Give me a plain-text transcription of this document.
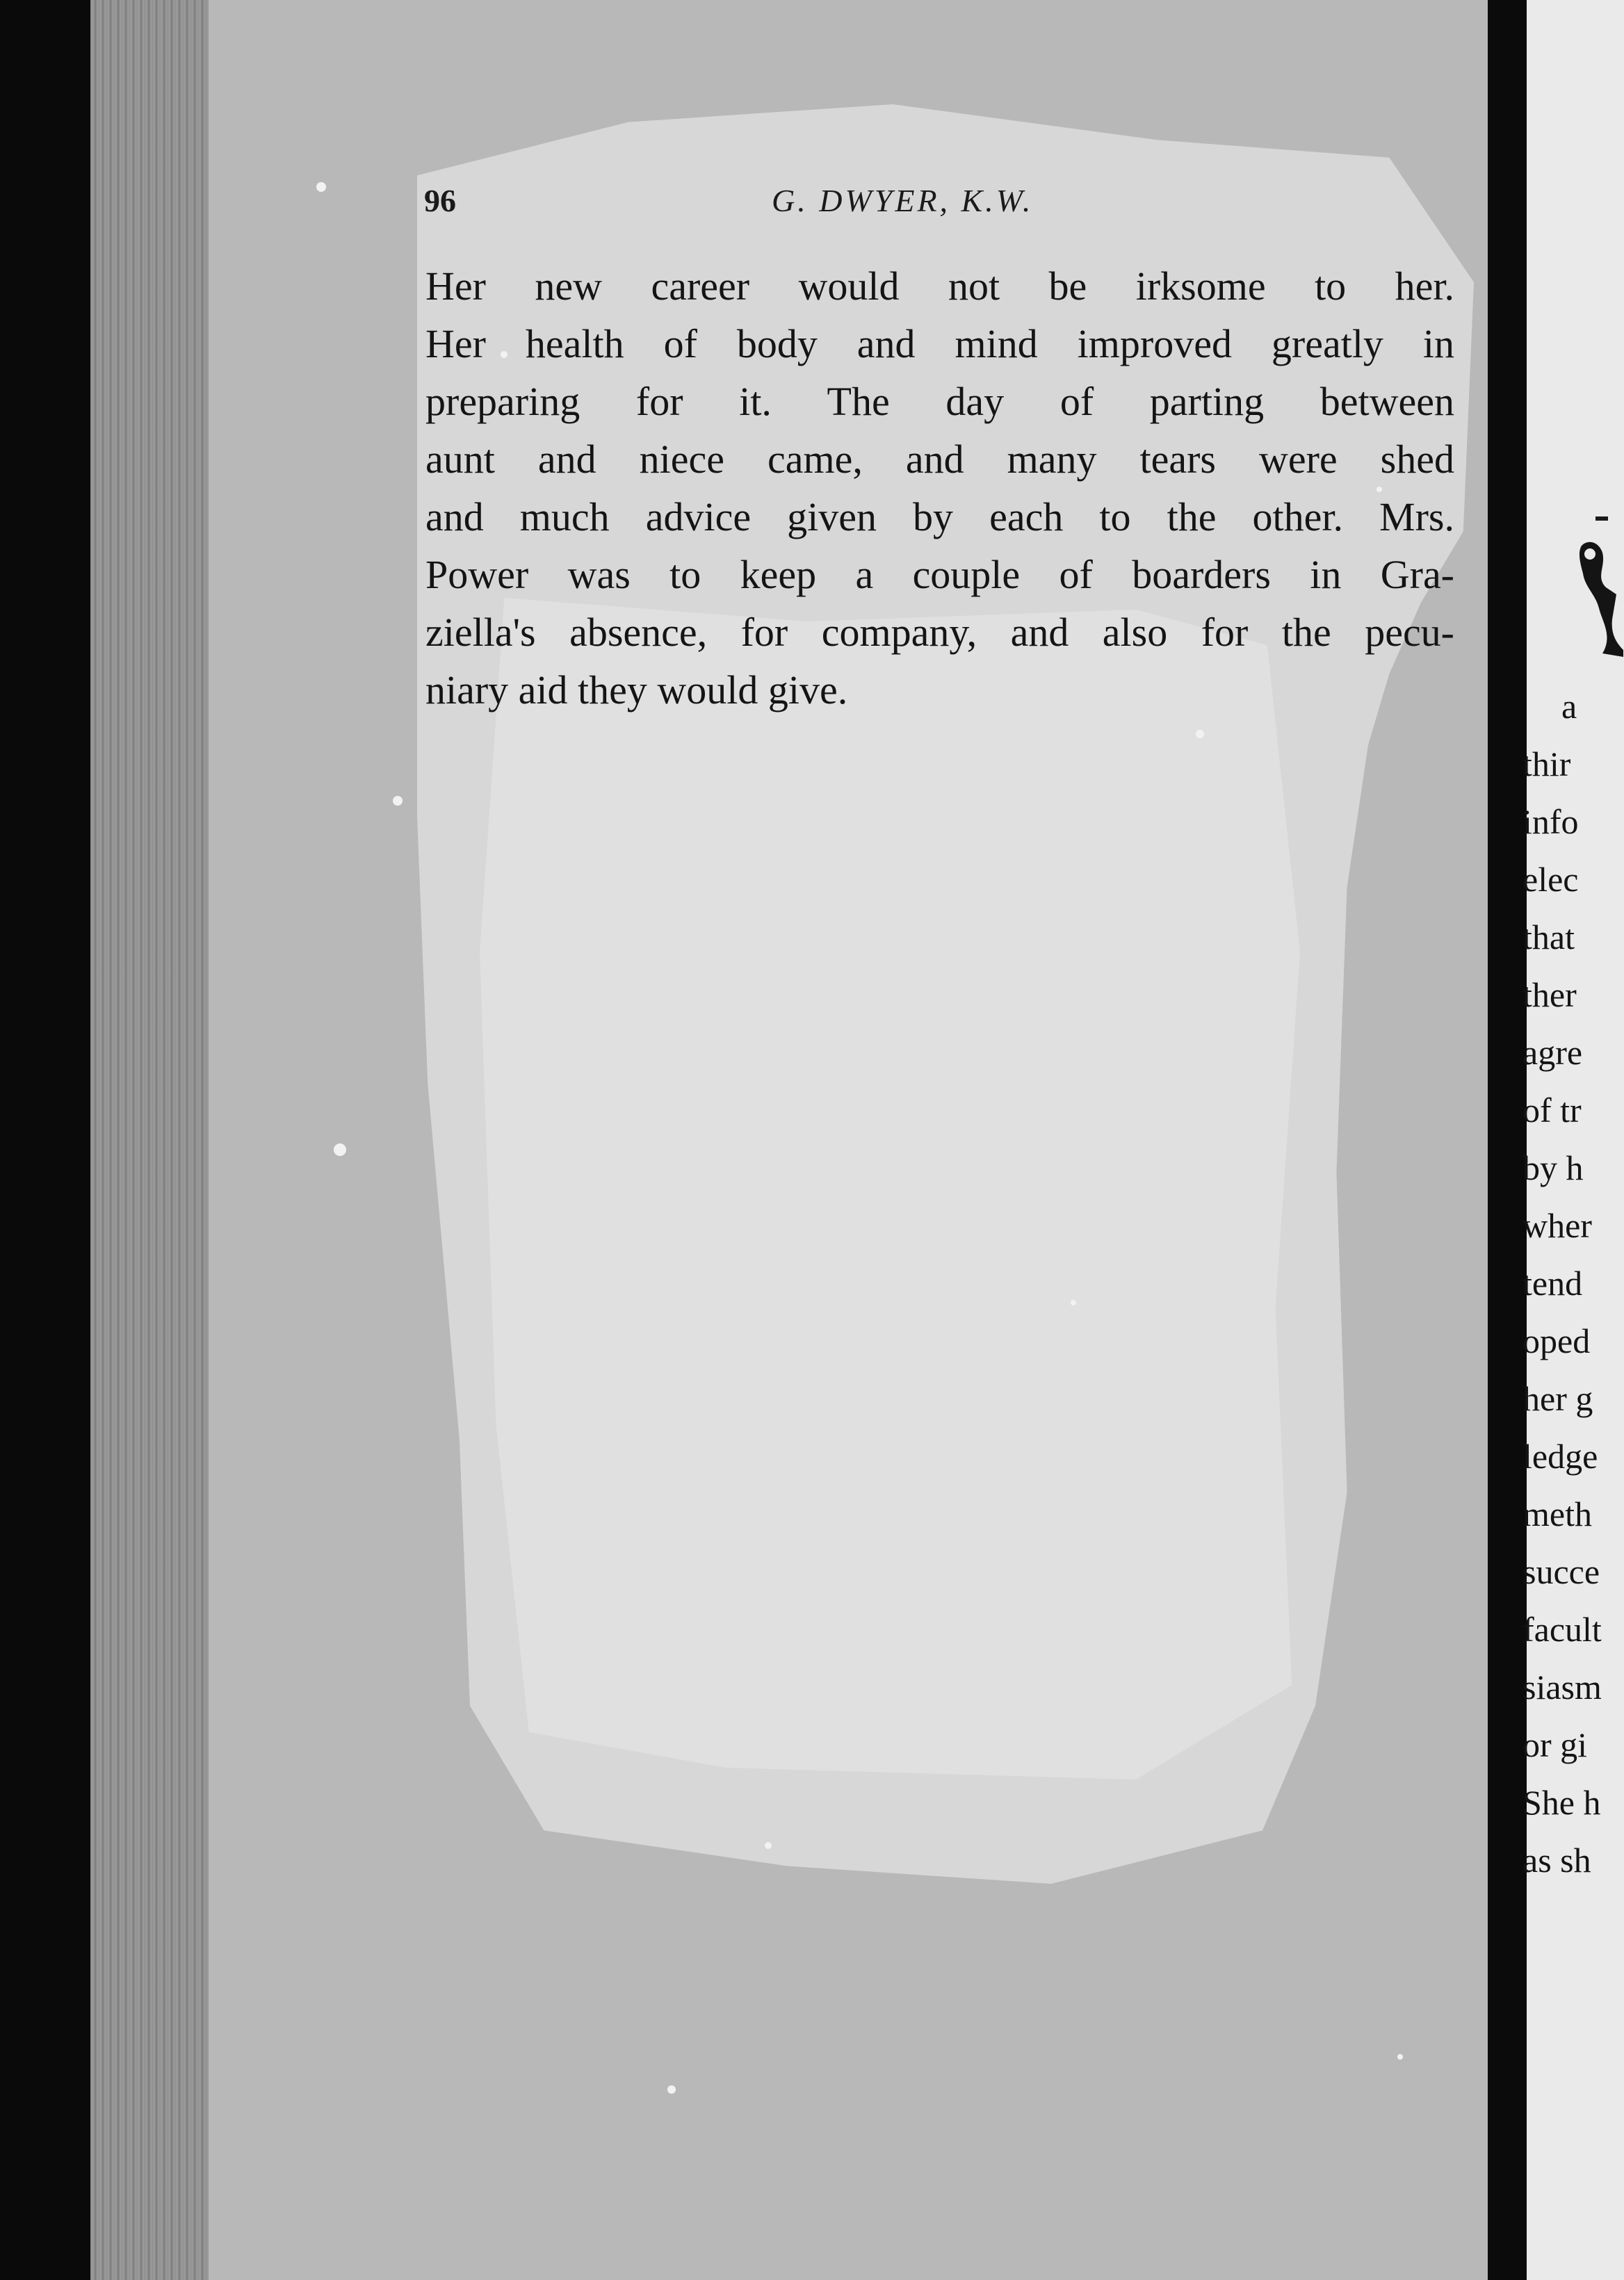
96	G. DWYER, K.W.
Her new career would not be irksome to her.
Her health of body and mind improved greatly in
preparing for it. The day of parting between
aunt and niece came, and many tears were shed
and much advice given by each to the other. Mrs.
Power was to keep a couple of boarders in Gra-
ziella's absence, for company, and also for the pecu-
niary aid they would give.	a
thir
info
elec
that
ther
agre
of tr
by h
wher
tend
oped
her g
ledge
meth
succe
facult
siasm
or gi
She h
as sh
